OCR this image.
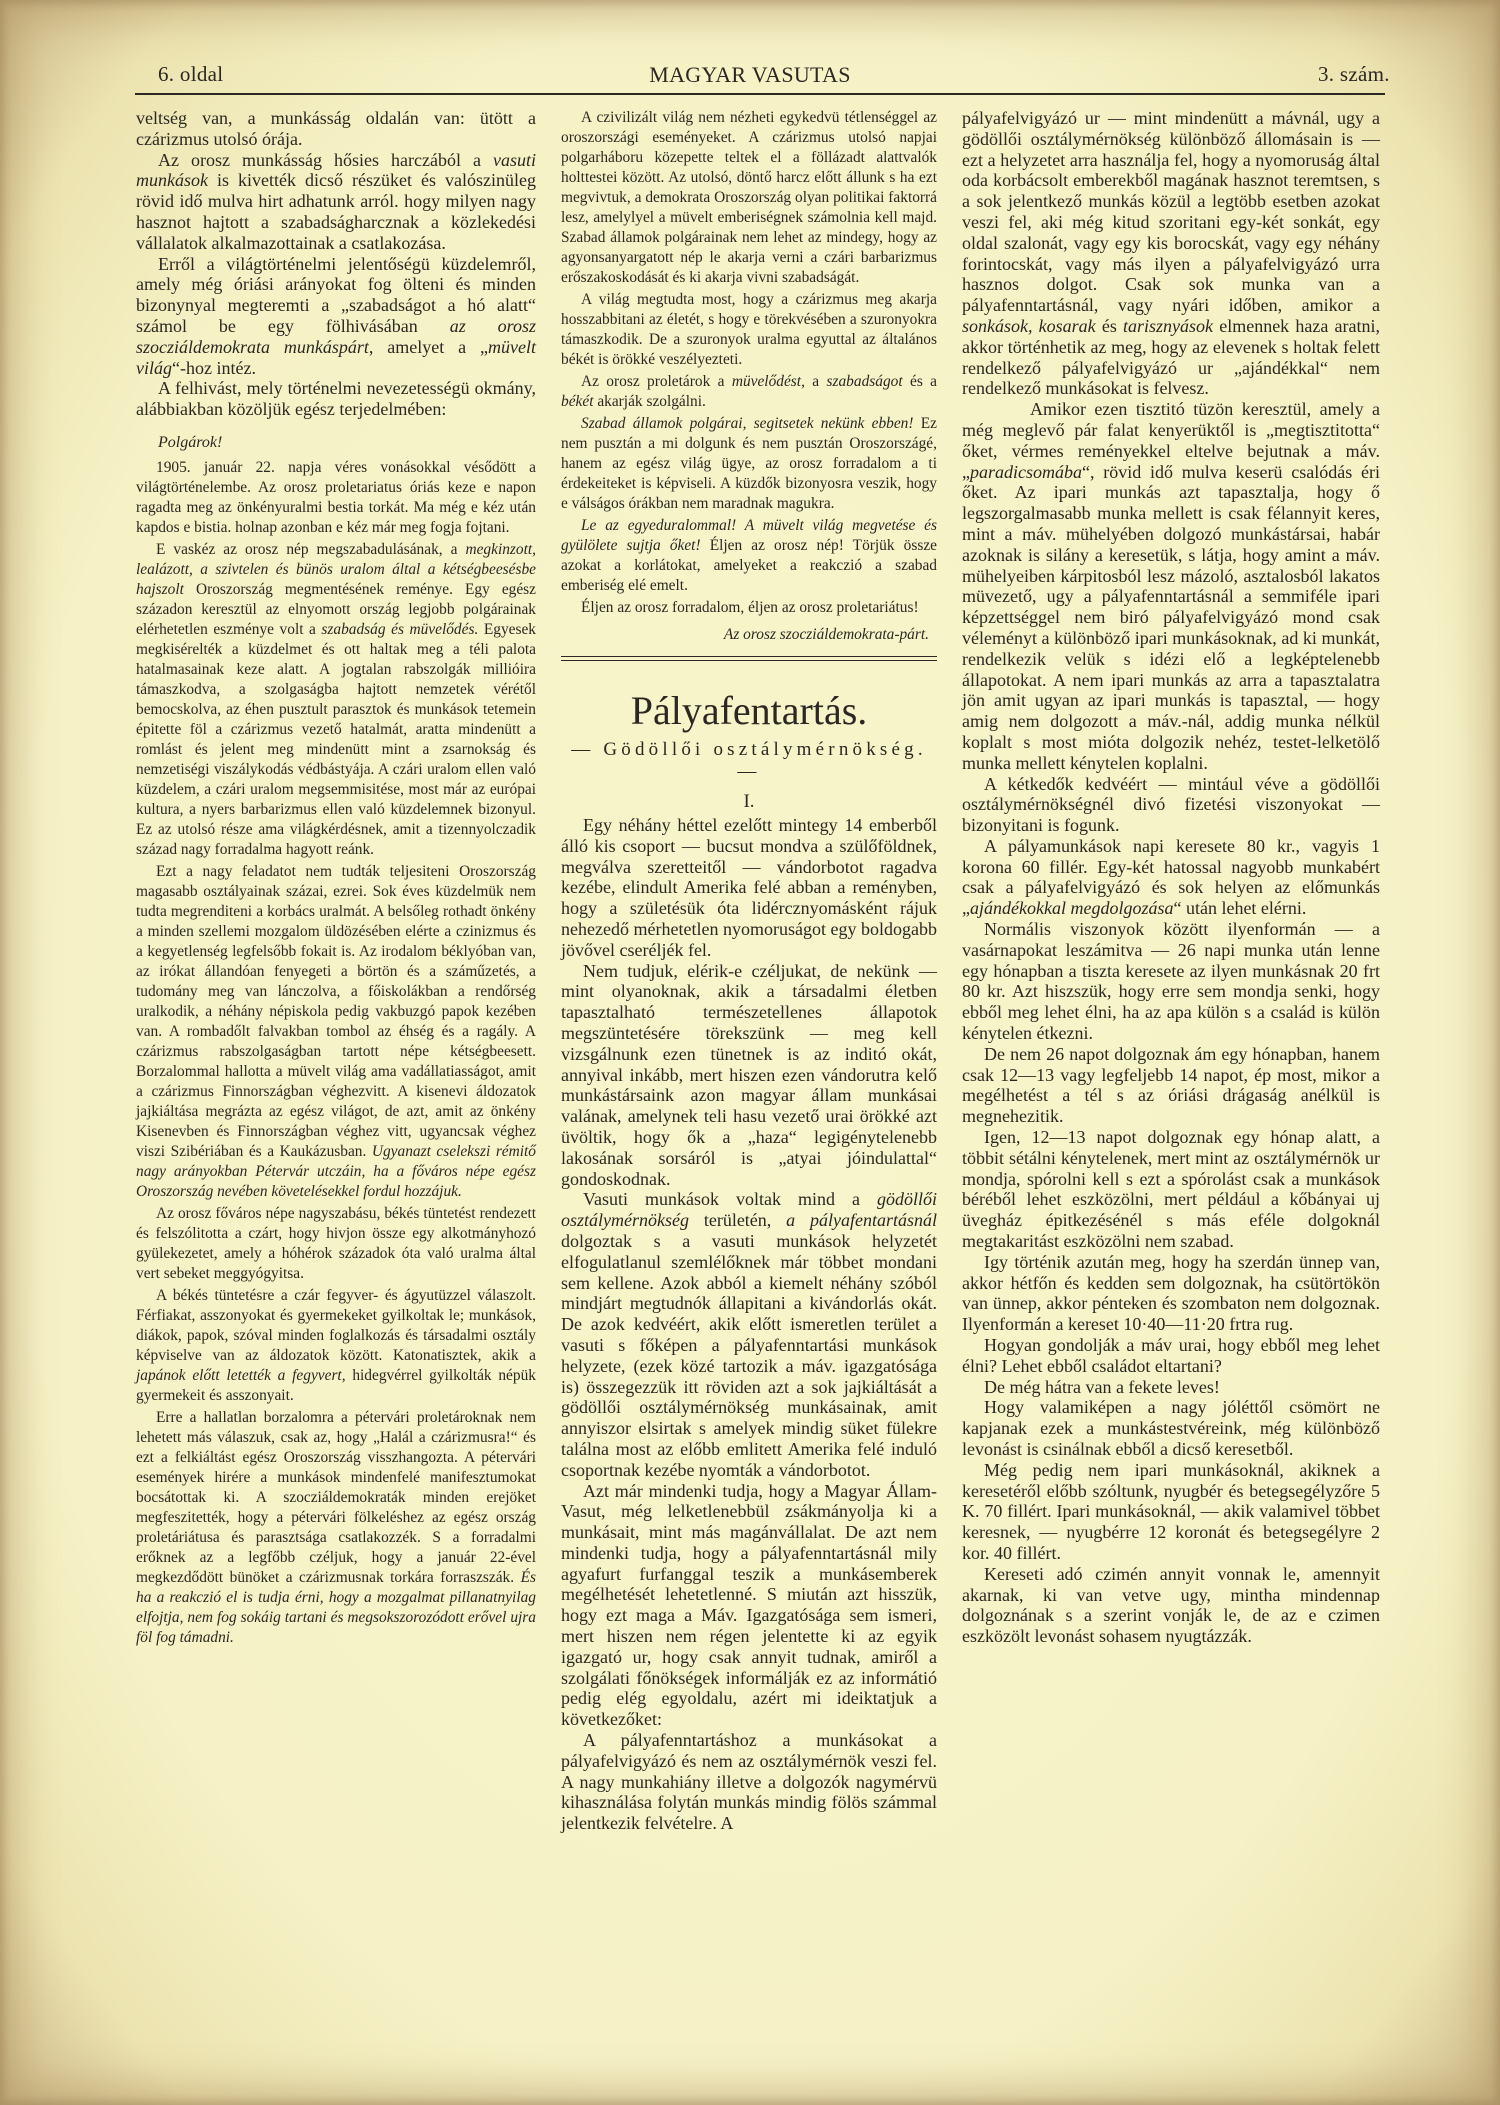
6. oldal	MAGYAR VASUTAS	3. szám.

veltség van, a munkásság oldalán van: ütött a czárizmus utolsó órája.

Az orosz munkásság hősies harczából a vasuti munkások is kivették dicső részüket és valószinüleg rövid idő mulva hirt adhatunk arról. hogy milyen nagy hasznot hajtott a szabadságharcznak a közlekedési vállalatok alkalmazottainak a csatlakozása.

Erről a világtörténelmi jelentőségü küzdelemről, amely még óriási arányokat fog ölteni és minden bizonynyal megteremti a „szabadságot a hó alatt“ számol be egy fölhivásában az orosz szocziáldemokrata munkáspárt, amelyet a „müvelt világ“-hoz intéz.

A felhivást, mely történelmi nevezetességü okmány, alábbiakban közöljük egész terjedelmében:

Polgárok!

1905. január 22. napja véres vonásokkal vésődött a világtörténelembe. Az orosz proletariatus óriás keze e napon ragadta meg az önkényuralmi bestia torkát. Ma még e kéz után kapdos e bistia. holnap azonban e kéz már meg fogja fojtani.

E vaskéz az orosz nép megszabadulásának, a megkinzott, lealázott, a szivtelen és bünös uralom által a kétségbeesésbe hajszolt Oroszország megmentésének reménye. Egy egész századon keresztül az elnyomott ország legjobb polgárainak elérhetetlen eszménye volt a szabadság és müvelődés. Egyesek megkisérelték a küzdelmet és ott haltak meg a téli palota hatalmasainak keze alatt. A jogtalan rabszolgák millióira támaszkodva, a szolgaságba hajtott nemzetek vérétől bemocskolva, az éhen pusztult parasztok és munkások tetemein épitette föl a czárizmus vezető hatalmát, aratta mindenütt a romlást és jelent meg mindenütt mint a zsarnokság és nemzetiségi viszálykodás védbástyája. A czári uralom ellen való küzdelem, a czári uralom megsemmisitése, most már az európai kultura, a nyers barbarizmus ellen való küzdelemnek bizonyul. Ez az utolsó része ama világkérdésnek, amit a tizennyolczadik század nagy forradalma hagyott reánk.

Ezt a nagy feladatot nem tudták teljesiteni Oroszország magasabb osztályainak százai, ezrei. Sok éves küzdelmük nem tudta megrenditeni a korbács uralmát. A belsőleg rothadt önkény a minden szellemi mozgalom üldözésében elérte a czinizmus és a kegyetlenség legfelsőbb fokait is. Az irodalom béklyóban van, az irókat állandóan fenyegeti a börtön és a száműzetés, a tudomány meg van lánczolva, a főiskolákban a rendőrség uralkodik, a néhány népiskola pedig vakbuzgó papok kezében van. A rombadőlt falvakban tombol az éhség és a ragály. A czárizmus rabszolgaságban tartott népe kétségbeesett. Borzalommal hallotta a müvelt világ ama vadállatiasságot, amit a czárizmus Finnországban véghezvitt. A kisenevi áldozatok jajkiáltása megrázta az egész világot, de azt, amit az önkény Kisenevben és Finnországban véghez vitt, ugyancsak véghez viszi Szibériában és a Kaukázusban. Ugyanazt cselekszi rémitő nagy arányokban Pétervár utczáin, ha a főváros népe egész Oroszország nevében követelésekkel fordul hozzájuk.

Az orosz főváros népe nagyszabásu, békés tüntetést rendezett és felszólitotta a czárt, hogy hivjon össze egy alkotmányhozó gyülekezetet, amely a hóhérok századok óta való uralma által vert sebeket meggyógyitsa.

A békés tüntetésre a czár fegyver- és ágyutüzzel válaszolt. Férfiakat, asszonyokat és gyermekeket gyilkoltak le; munkások, diákok, papok, szóval minden foglalkozás és társadalmi osztály képviselve van az áldozatok között. Katonatisztek, akik a japánok előtt letették a fegyvert, hidegvérrel gyilkolták népük gyermekeit és asszonyait.

Erre a hallatlan borzalomra a pétervári proletároknak nem lehetett más válaszuk, csak az, hogy „Halál a czárizmusra!“ és ezt a felkiáltást egész Oroszország visszhangozta. A pétervári események hirére a munkások mindenfelé manifesztumokat bocsátottak ki. A szocziáldemokraták minden erejöket megfeszitették, hogy a pétervári fölkeléshez az egész ország proletáriátusa és parasztsága csatlakozzék. S a forradalmi erőknek az a legfőbb czéljuk, hogy a január 22-ével megkezdődött bünöket a czárizmusnak torkára forraszszák. És ha a reakczió el is tudja érni, hogy a mozgalmat pillanatnyilag elfojtja, nem fog sokáig tartani és megsokszorozódott erővel ujra föl fog támadni.

A czivilizált világ nem nézheti egykedvü tétlenséggel az oroszországi eseményeket. A czárizmus utolsó napjai polgarháboru közepette teltek el a föllázadt alattvalók holttestei között. Az utolsó, döntő harcz előtt állunk s ha ezt megvivtuk, a demokrata Oroszország olyan politikai faktorrá lesz, amelylyel a müvelt emberiségnek számolnia kell majd. Szabad államok polgárainak nem lehet az mindegy, hogy az agyonsanyargatott nép le akarja verni a czári barbarizmus erőszakoskodását és ki akarja vivni szabadságát.

A világ megtudta most, hogy a czárizmus meg akarja hosszabbitani az életét, s hogy e törekvésében a szuronyokra támaszkodik. De a szuronyok uralma egyuttal az általános békét is örökké veszélyezteti.

Az orosz proletárok a müvelődést, a szabadságot és a békét akarják szolgálni.

Szabad államok polgárai, segitsetek nekünk ebben! Ez nem pusztán a mi dolgunk és nem pusztán Oroszországé, hanem az egész világ ügye, az orosz forradalom a ti érdekeiteket is képviseli. A küzdők bizonyosra veszik, hogy e válságos órákban nem maradnak magukra.

Le az egyeduralommal! A müvelt világ megvetése és gyülölete sujtja őket! Éljen az orosz nép! Törjük össze azokat a korlátokat, amelyeket a reakczió a szabad emberiség elé emelt.

Éljen az orosz forradalom, éljen az orosz proletariátus!

Az orosz szocziáldemokrata-párt.

Pályafentartás.

— Gödöllői osztálymérnökség. —

I.

Egy néhány héttel ezelőtt mintegy 14 emberből álló kis csoport — bucsut mondva a szülőföldnek, megválva szeretteitől — vándorbotot ragadva kezébe, elindult Amerika felé abban a reményben, hogy a születésük óta lidércznyomásként rájuk nehezedő mérhetetlen nyomoruságot egy boldogabb jövővel cseréljék fel.

Nem tudjuk, elérik-e czéljukat, de nekünk — mint olyanoknak, akik a társadalmi életben tapasztalható természetellenes állapotok megszüntetésére törekszünk — meg kell vizsgálnunk ezen tünetnek is az inditó okát, annyival inkább, mert hiszen ezen vándorutra kelő munkástársaink azon magyar állam munkásai valának, amelynek teli hasu vezető urai örökké azt üvöltik, hogy ők a „haza“ legigénytelenebb lakosának sorsáról is „atyai jóindulattal“ gondoskodnak.

Vasuti munkások voltak mind a gödöllői osztálymérnökség területén, a pályafentartásnál dolgoztak s a vasuti munkások helyzetét elfogulatlanul szemlélőknek már többet mondani sem kellene. Azok abból a kiemelt néhány szóból mindjárt megtudnók állapitani a kivándorlás okát. De azok kedvéért, akik előtt ismeretlen terület a vasuti s főképen a pályafenntartási munkások helyzete, (ezek közé tartozik a máv. igazgatósága is) összegezzük itt röviden azt a sok jajkiáltását a gödöllői osztálymérnökség munkásainak, amit annyiszor elsirtak s amelyek mindig süket fülekre találna most az előbb emlitett Amerika felé induló csoportnak kezébe nyomták a vándorbotot.

Azt már mindenki tudja, hogy a Magyar Állam-Vasut, még lelketlenebbül zsákmányolja ki a munkásait, mint más magánvállalat. De azt nem mindenki tudja, hogy a pályafenntartásnál mily agyafurt furfanggal teszik a munkásemberek megélhetését lehetetlenné. S miután azt hisszük, hogy ezt maga a Máv. Igazgatósága sem ismeri, mert hiszen nem régen jelentette ki az egyik igazgató ur, hogy csak annyit tudnak, amiről a szolgálati főnökségek informálják ez az informátió pedig elég egyoldalu, azért mi ideiktatjuk a következőket:

A pályafenntartáshoz a munkásokat a pályafelvigyázó és nem az osztálymérnök veszi fel. A nagy munkahiány illetve a dolgozók nagymérvü kihasználása folytán munkás mindig fölös számmal jelentkezik felvételre. A

pályafelvigyázó ur — mint mindenütt a mávnál, ugy a gödöllői osztálymérnökség különböző állomásain is — ezt a helyzetet arra használja fel, hogy a nyomoruság által oda korbácsolt emberekből magának hasznot teremtsen, s a sok jelentkező munkás közül a legtöbb esetben azokat veszi fel, aki még kitud szoritani egy-két sonkát, egy oldal szalonát, vagy egy kis borocskát, vagy egy néhány forintocskát, vagy más ilyen a pályafelvigyázó urra hasznos dolgot. Csak sok munka van a pályafenntartásnál, vagy nyári időben, amikor a sonkások, kosarak és tarisznyások elmennek haza aratni, akkor történhetik az meg, hogy az elevenek s holtak felett rendelkező pályafelvigyázó ur „ajándékkal“ nem rendelkező munkásokat is felvesz.

Amikor ezen tisztitó tüzön keresztül, amely a még meglevő pár falat kenyerüktől is „megtisztitotta“ őket, vérmes reményekkel eltelve bejutnak a máv. „paradicsomába“, rövid idő mulva keserü csalódás éri őket. Az ipari munkás azt tapasztalja, hogy ő legszorgalmasabb munka mellett is csak félannyit keres, mint a máv. mühelyében dolgozó munkástársai, habár azoknak is silány a keresetük, s látja, hogy amint a máv. mühelyeiben kárpitosból lesz mázoló, asztalosból lakatos müvezető, ugy a pályafenntartásnál a semmiféle ipari képzettséggel nem biró pályafelvigyázó mond csak véleményt a különböző ipari munkásoknak, ad ki munkát, rendelkezik velük s idézi elő a legképtelenebb állapotokat. A nem ipari munkás az arra a tapasztalatra jön amit ugyan az ipari munkás is tapasztal, — hogy amig nem dolgozott a máv.-nál, addig munka nélkül koplalt s most mióta dolgozik nehéz, testet-lelketölő munka mellett kénytelen koplalni.

A kétkedők kedvéért — mintául véve a gödöllői osztálymérnökségnél divó fizetési viszonyokat — bizonyitani is fogunk.

A pályamunkások napi keresete 80 kr., vagyis 1 korona 60 fillér. Egy-két hatossal nagyobb munkabért csak a pályafelvigyázó és sok helyen az előmunkás „ajándékokkal megdolgozása“ után lehet elérni.

Normális viszonyok között ilyenformán — a vasárnapokat leszámitva — 26 napi munka után lenne egy hónapban a tiszta keresete az ilyen munkásnak 20 frt 80 kr. Azt hiszszük, hogy erre sem mondja senki, hogy ebből meg lehet élni, ha az apa külön s a család is külön kénytelen étkezni.

De nem 26 napot dolgoznak ám egy hónapban, hanem csak 12—13 vagy legfeljebb 14 napot, ép most, mikor a megélhetést a tél s az óriási drágaság anélkül is megnehezitik.

Igen, 12—13 napot dolgoznak egy hónap alatt, a többit sétálni kénytelenek, mert mint az osztálymérnök ur mondja, spórolni kell s ezt a spórolást csak a munkások béréből lehet eszközölni, mert például a kőbányai uj üvegház épitkezésénél s más eféle dolgoknál megtakaritást eszközölni nem szabad.

Igy történik azután meg, hogy ha szerdán ünnep van, akkor hétfőn és kedden sem dolgoznak, ha csütörtökön van ünnep, akkor pénteken és szombaton nem dolgoznak. Ilyenformán a kereset 10·40—11·20 frtra rug.

Hogyan gondolják a máv urai, hogy ebből meg lehet élni? Lehet ebből családot eltartani?

De még hátra van a fekete leves!

Hogy valamiképen a nagy jóléttől csömört ne kapjanak ezek a munkástestvéreink, még különböző levonást is csinálnak ebből a dicső keresetből.

Még pedig nem ipari munkásoknál, akiknek a keresetéről előbb szóltunk, nyugbér és betegsegélyzőre 5 K. 70 fillért. Ipari munkásoknál, — akik valamivel többet keresnek, — nyugbérre 12 koronát és betegsegélyre 2 kor. 40 fillért.

Kereseti adó czimén annyit vonnak le, amennyit akarnak, ki van vetve ugy, mintha mindennap dolgoznának s a szerint vonják le, de az e czimen eszközölt levonást sohasem nyugtázzák.
